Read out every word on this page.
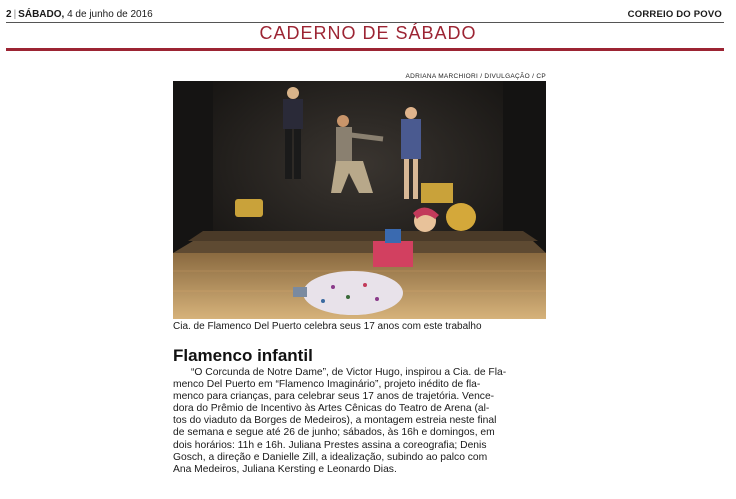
2 | SÁBADO, 4 de junho de 2016	CORREIO DO POVO
CADERNO DE SÁBADO
ADRIANA MARCHIORI / DIVULGAÇÃO / CP
Cia. de Flamenco Del Puerto celebra seus 17 anos com este trabalho
Flamenco infantil
“O Corcunda de Notre Dame”, de Victor Hugo, inspirou a Cia. de Fla-
menco Del Puerto em “Flamenco Imaginário”, projeto inédito de fla-
menco para crianças, para celebrar seus 17 anos de trajetória. Vence-
dora do Prêmio de Incentivo às Artes Cênicas do Teatro de Arena (al-
tos do viaduto da Borges de Medeiros), a montagem estreia neste final
de semana e segue até 26 de junho; sábados, às 16h e domingos, em
dois horários: 11h e 16h. Juliana Prestes assina a coreografia; Denis
Gosch, a direção e Danielle Zill, a idealização, subindo ao palco com
Ana Medeiros, Juliana Kersting e Leonardo Dias.
